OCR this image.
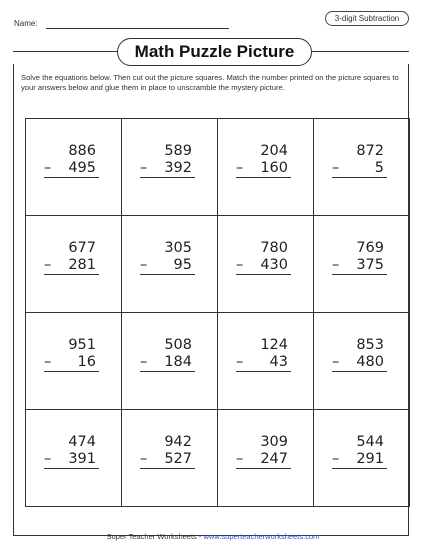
Name:
3-digit Subtraction
Math Puzzle Picture
Solve the equations below. Then cut out the picture squares. Match the number printed on the picture squares to your answers below and glue them in place to unscramble the mystery picture.
886
– 495
589
– 392
204
– 160
872
– 5
677
– 281
305
– 95
780
– 430
769
– 375
951
– 16
508
– 184
124
– 43
853
– 480
474
– 391
942
– 527
309
– 247
544
– 291
Super Teacher Worksheets - www.superteacherworksheets.com
